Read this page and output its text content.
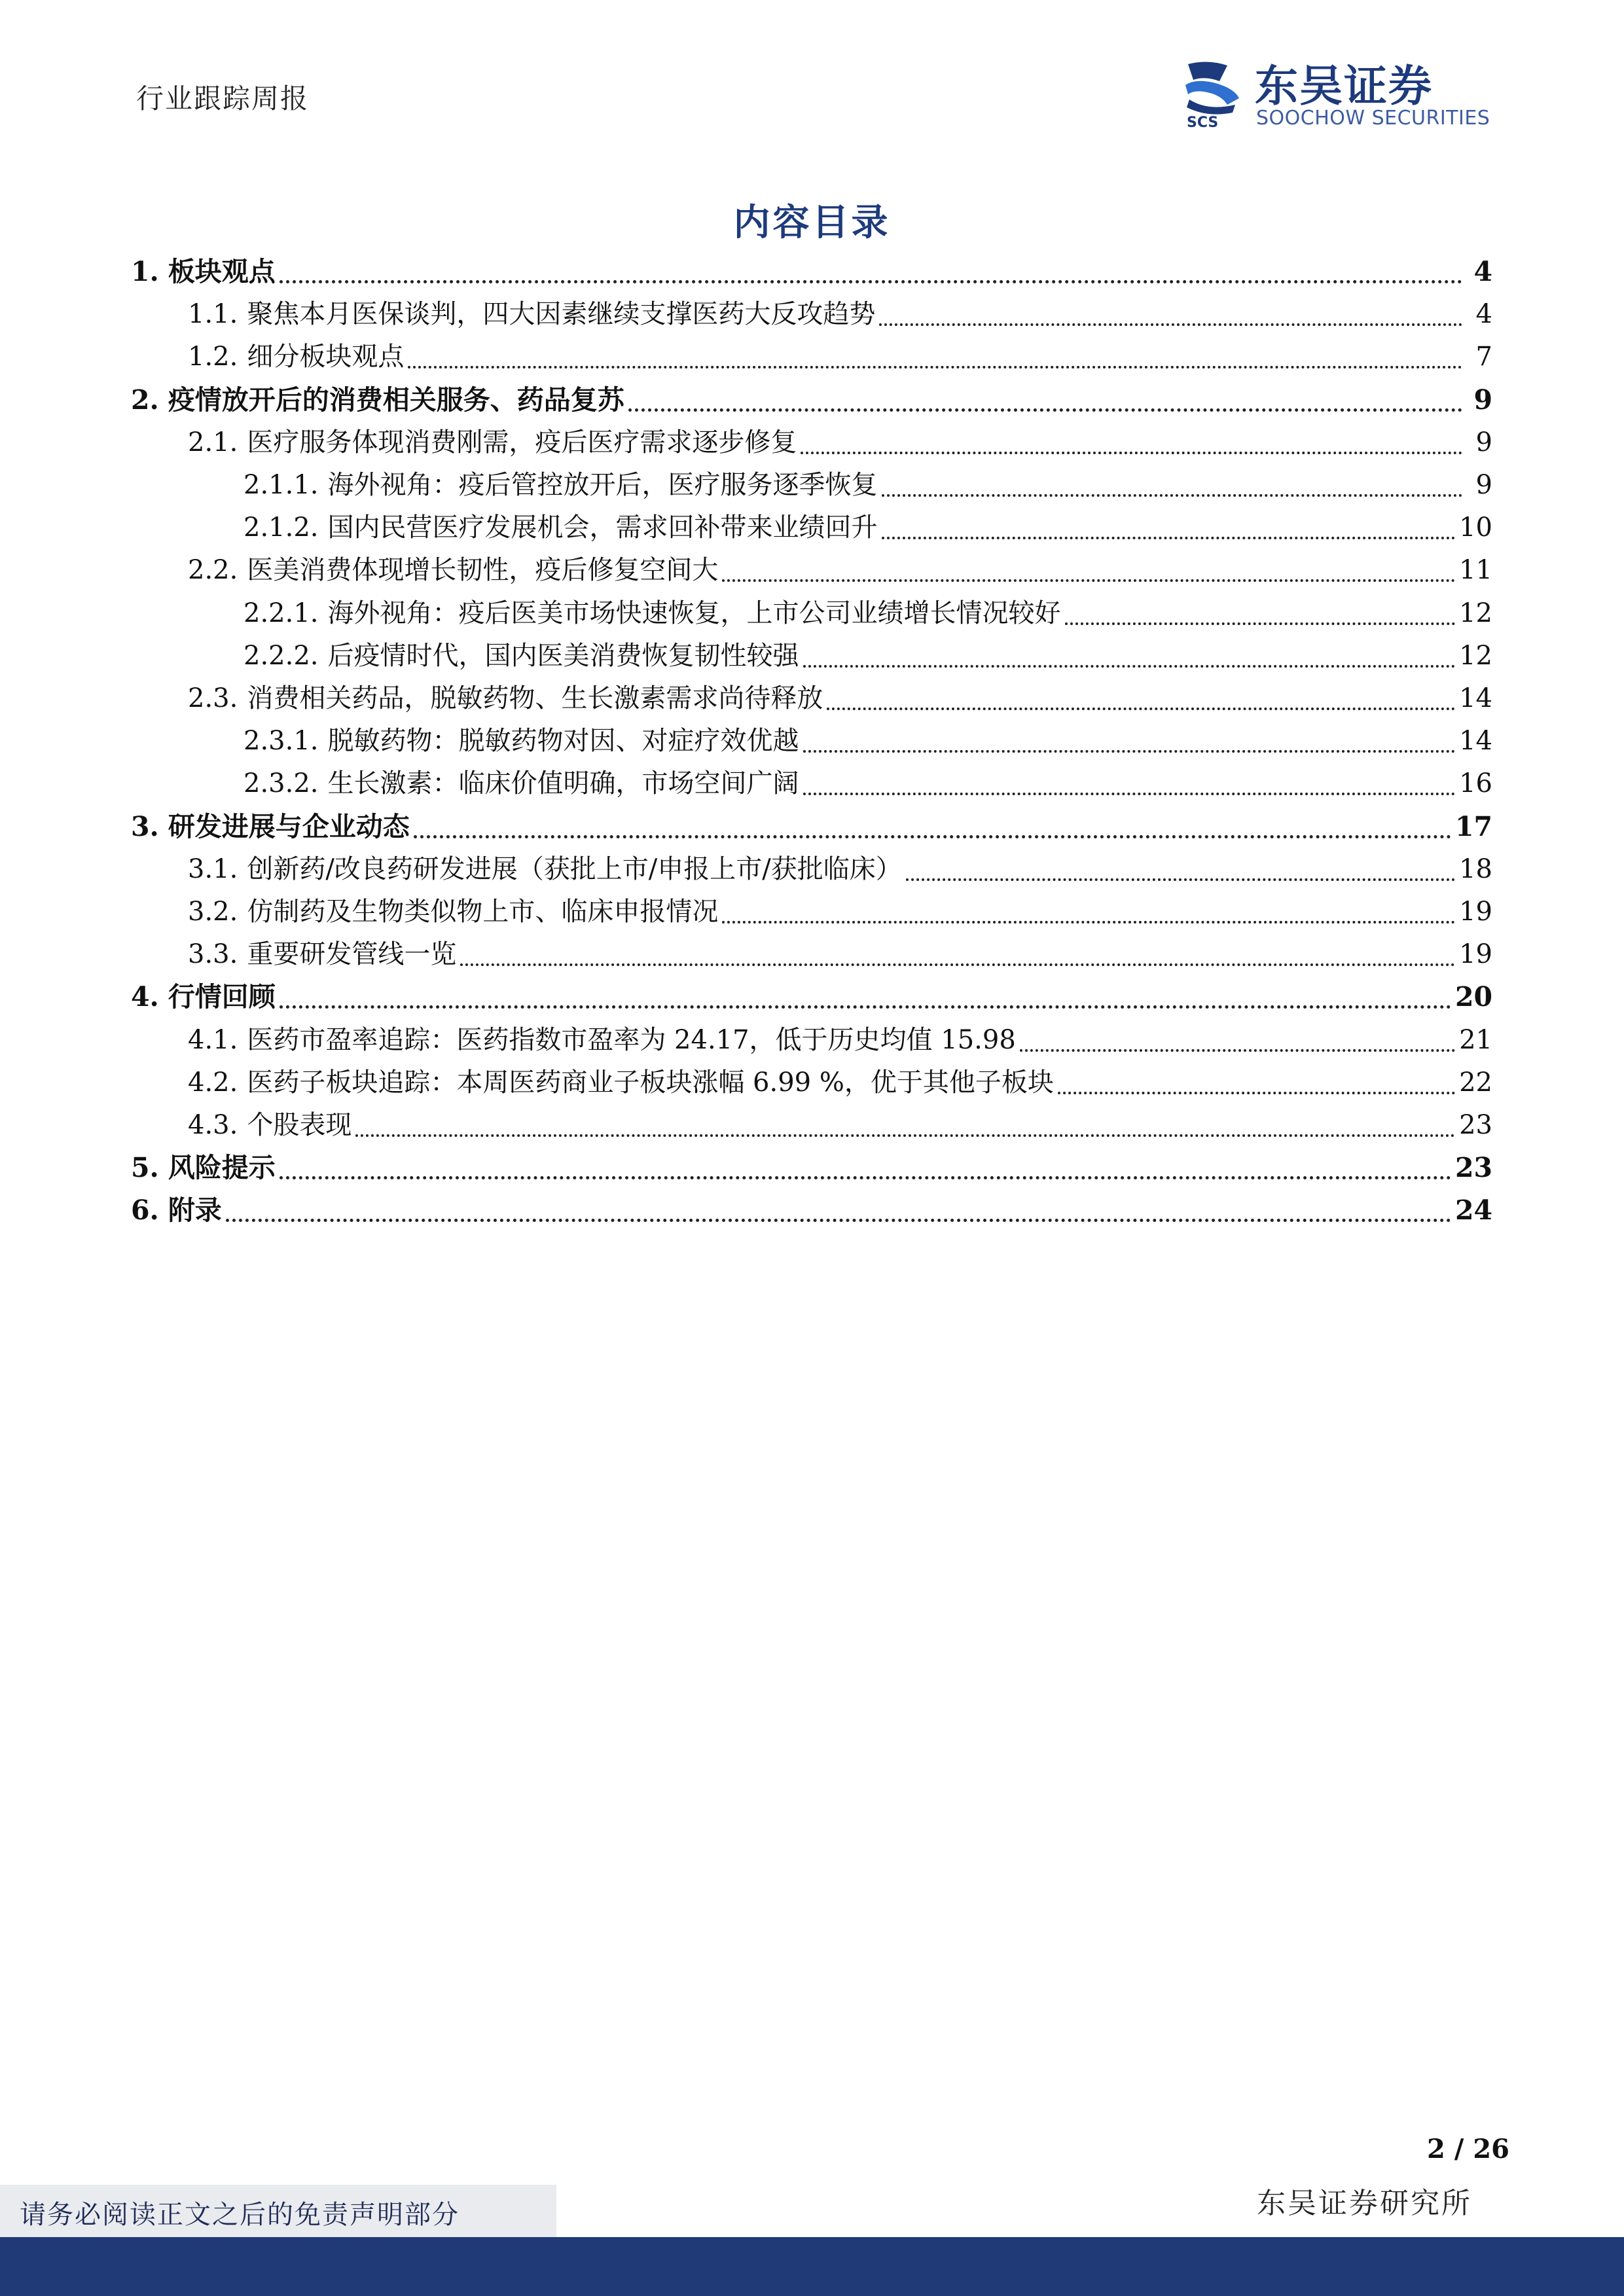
行业跟踪周报
SCS
东吴证券
SOOCHOW SECURITIES
内容目录
1. 板块观点	4
1.1. 聚焦本月医保谈判，四大因素继续支撑医药大反攻趋势	4
1.2. 细分板块观点	7
2. 疫情放开后的消费相关服务、药品复苏	9
2.1. 医疗服务体现消费刚需，疫后医疗需求逐步修复	9
2.1.1. 海外视角：疫后管控放开后，医疗服务逐季恢复	9
2.1.2. 国内民营医疗发展机会，需求回补带来业绩回升	10
2.2. 医美消费体现增长韧性，疫后修复空间大	11
2.2.1. 海外视角：疫后医美市场快速恢复，上市公司业绩增长情况较好	12
2.2.2. 后疫情时代，国内医美消费恢复韧性较强	12
2.3. 消费相关药品，脱敏药物、生长激素需求尚待释放	14
2.3.1. 脱敏药物：脱敏药物对因、对症疗效优越	14
2.3.2. 生长激素：临床价值明确，市场空间广阔	16
3. 研发进展与企业动态	17
3.1. 创新药/改良药研发进展（获批上市/申报上市/获批临床）	18
3.2. 仿制药及生物类似物上市、临床申报情况	19
3.3. 重要研发管线一览	19
4. 行情回顾	20
4.1. 医药市盈率追踪：医药指数市盈率为 24.17，低于历史均值 15.98	21
4.2. 医药子板块追踪：本周医药商业子板块涨幅 6.99 %，优于其他子板块	22
4.3. 个股表现	23
5. 风险提示	23
6. 附录	24
2 / 26
东吴证券研究所
请务必阅读正文之后的免责声明部分
